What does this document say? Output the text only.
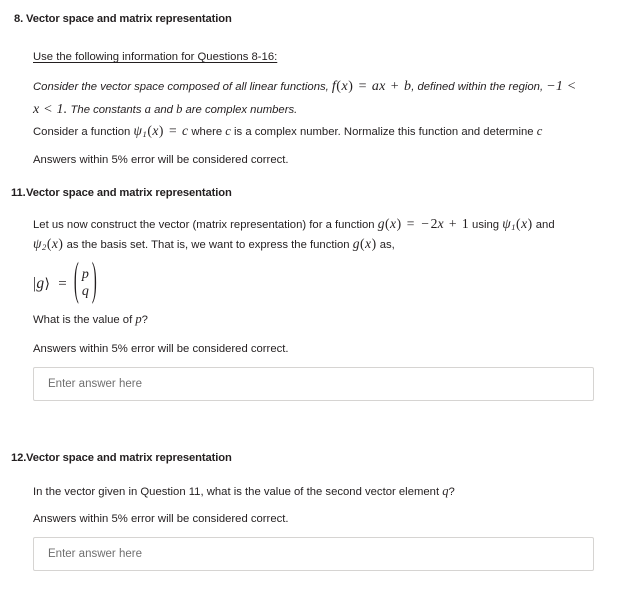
8. Vector space and matrix representation
Use the following information for Questions 8-16:

Consider the vector space composed of all linear functions, f(x) = ax + b, defined within the region, −1 <
x < 1. The constants a and b are complex numbers.

Consider a function $\psi_1(x) = c$ where c is a complex number. Normalize this function and determine c

Answers within 5% error will be considered correct.

11. Vector space and matrix representation

Let us now construct the vector (matrix representation) for a function g(x) = − 2x + 1 using $\psi_1(x)$ and
$\psi_2(x)$ as the basis set. That is, we want to express the function g(x) as,

|g⟩ = ( p
q )

What is the value of p?

Answers within 5% error will be considered correct.

Enter answer here
12. Vector space and matrix representation

In the vector given in Question 11, what is the value of the second vector element q?

Answers within 5% error will be considered correct.

Enter answer here
